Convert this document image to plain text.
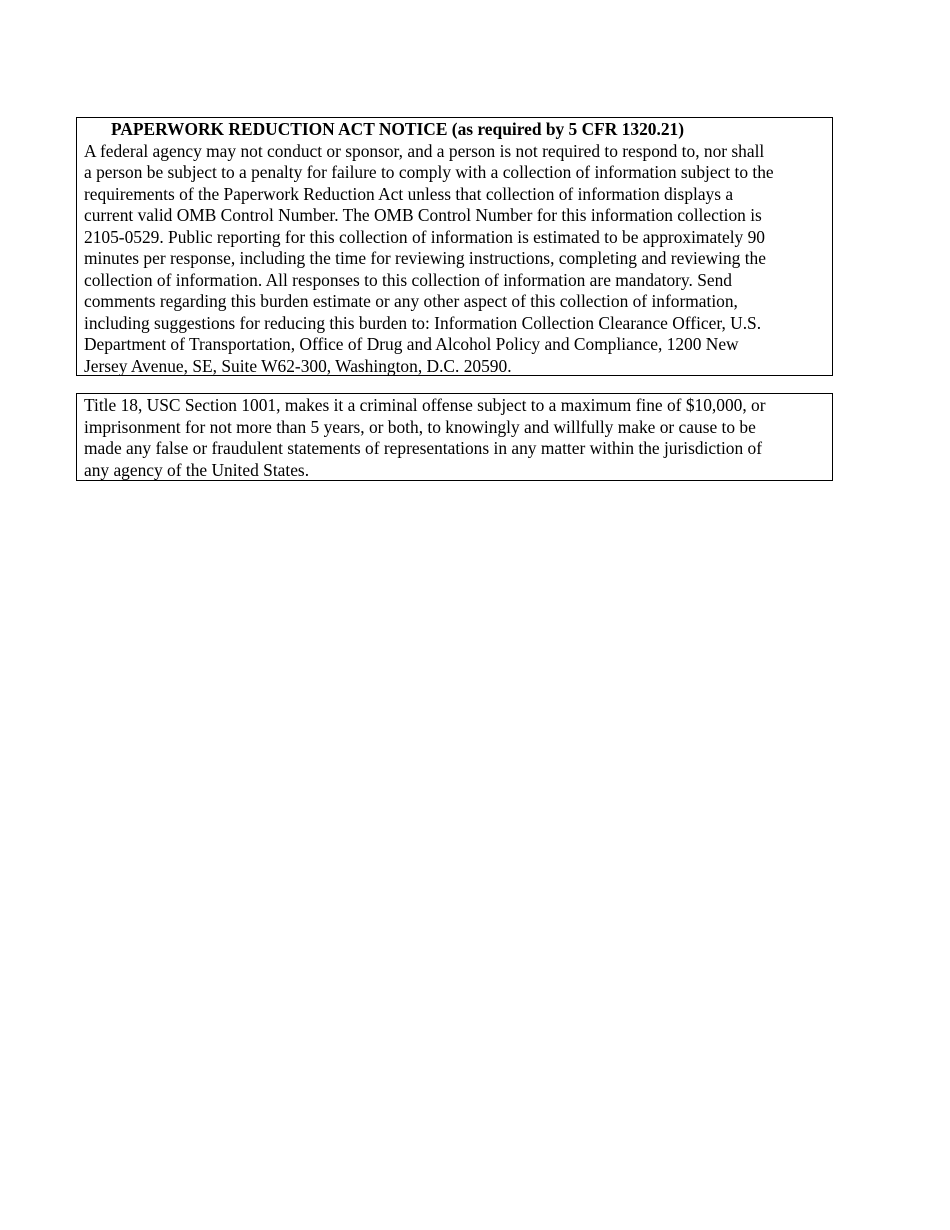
PAPERWORK REDUCTION ACT NOTICE (as required by 5 CFR 1320.21)
A federal agency may not conduct or sponsor, and a person is not required to respond to, nor shall
a person be subject to a penalty for failure to comply with a collection of information subject to the
requirements of the Paperwork Reduction Act unless that collection of information displays a
current valid OMB Control Number. The OMB Control Number for this information collection is
2105-0529. Public reporting for this collection of information is estimated to be approximately 90
minutes per response, including the time for reviewing instructions, completing and reviewing the
collection of information. All responses to this collection of information are mandatory. Send
comments regarding this burden estimate or any other aspect of this collection of information,
including suggestions for reducing this burden to: Information Collection Clearance Officer, U.S.
Department of Transportation, Office of Drug and Alcohol Policy and Compliance, 1200 New
Jersey Avenue, SE, Suite W62-300, Washington, D.C. 20590.
Title 18, USC Section 1001, makes it a criminal offense subject to a maximum fine of $10,000, or
imprisonment for not more than 5 years, or both, to knowingly and willfully make or cause to be
made any false or fraudulent statements of representations in any matter within the jurisdiction of
any agency of the United States.
